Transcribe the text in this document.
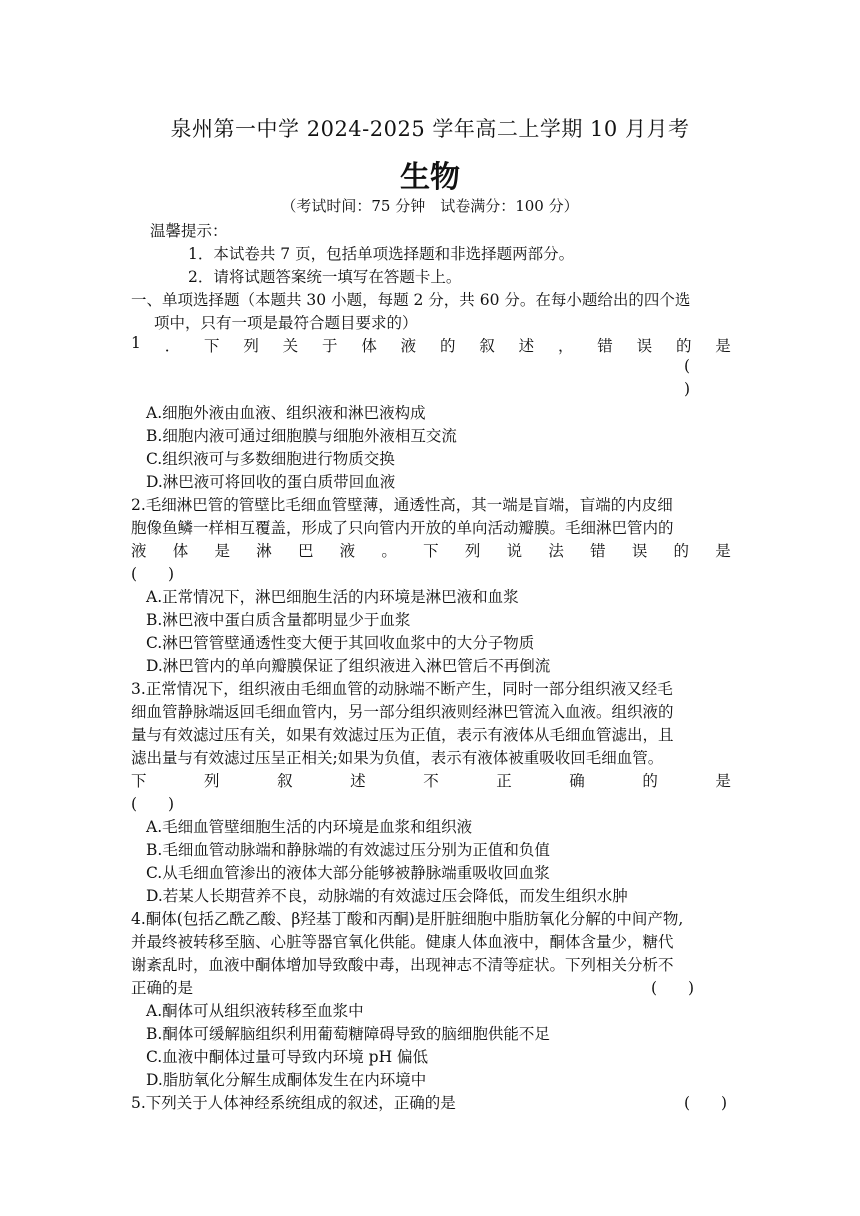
泉州第一中学 2024-2025 学年高二上学期 10 月月考
生物
（考试时间：75 分钟　试卷满分：100 分）
温馨提示：
1．本试卷共 7 页，包括单项选择题和非选择题两部分。
2．请将试题答案统一填写在答题卡上。
一、单项选择题（本题共 30 小题，每题 2 分，共 60 分。在每小题给出的四个选
项中，只有一项是最符合题目要求的）
1 ． 下 列 关 于 体 液 的 叙 述 ， 错 误 的 是
(
)
A.细胞外液由血液、组织液和淋巴液构成
B.细胞内液可通过细胞膜与细胞外液相互交流
C.组织液可与多数细胞进行物质交换
D.淋巴液可将回收的蛋白质带回血液
2.毛细淋巴管的管壁比毛细血管壁薄，通透性高，其一端是盲端，盲端的内皮细
胞像鱼鳞一样相互覆盖，形成了只向管内开放的单向活动瓣膜。毛细淋巴管内的
液 体 是 淋 巴 液 。 下 列 说 法 错 误 的 是
(　　)
A.正常情况下，淋巴细胞生活的内环境是淋巴液和血浆
B.淋巴液中蛋白质含量都明显少于血浆
C.淋巴管管壁通透性变大便于其回收血浆中的大分子物质
D.淋巴管内的单向瓣膜保证了组织液进入淋巴管后不再倒流
3.正常情况下，组织液由毛细血管的动脉端不断产生，同时一部分组织液又经毛
细血管静脉端返回毛细血管内，另一部分组织液则经淋巴管流入血液。组织液的
量与有效滤过压有关，如果有效滤过压为正值，表示有液体从毛细血管滤出，且
滤出量与有效滤过压呈正相关;如果为负值，表示有液体被重吸收回毛细血管。
下	列	叙	述	不	正	确	的	是
(　　)
A.毛细血管壁细胞生活的内环境是血浆和组织液
B.毛细血管动脉端和静脉端的有效滤过压分别为正值和负值
C.从毛细血管渗出的液体大部分能够被静脉端重吸收回血浆
D.若某人长期营养不良，动脉端的有效滤过压会降低，而发生组织水肿
4.酮体(包括乙酰乙酸、β羟基丁酸和丙酮)是肝脏细胞中脂肪氧化分解的中间产物,
并最终被转移至脑、心脏等器官氧化供能。健康人体血液中，酮体含量少，糖代
谢紊乱时，血液中酮体增加导致酸中毒，出现神志不清等症状。下列相关分析不
正确的是	(　　)
A.酮体可从组织液转移至血浆中
B.酮体可缓解脑组织利用葡萄糖障碍导致的脑细胞供能不足
C.血液中酮体过量可导致内环境 pH 偏低
D.脂肪氧化分解生成酮体发生在内环境中
5.下列关于人体神经系统组成的叙述，正确的是	(　　)
